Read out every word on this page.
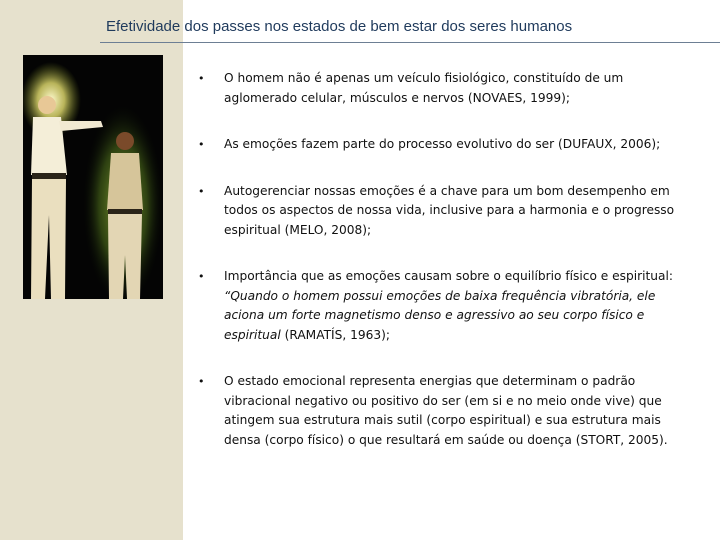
Efetividade dos passes nos estados de bem estar dos seres humanos
• O homem não é apenas um veículo fisiológico, constituído de um aglomerado celular, músculos e nervos (NOVAES, 1999);
• As emoções fazem parte do processo evolutivo do ser (DUFAUX, 2006);
• Autogerenciar nossas emoções é a chave para um bom desempenho em todos os aspectos de nossa vida, inclusive para a harmonia e o progresso espiritual (MELO, 2008);
• Importância que as emoções causam sobre o equilíbrio físico e espiritual: “Quando o homem possui emoções de baixa frequência vibratória, ele aciona um forte magnetismo denso e agressivo ao seu corpo físico e espiritual (RAMATÍS, 1963);
• O estado emocional representa energias que determinam o padrão vibracional negativo ou positivo do ser (em si e no meio onde vive) que atingem sua estrutura mais sutil (corpo espiritual) e sua estrutura mais densa (corpo físico) o que resultará em saúde ou doença (STORT, 2005).
